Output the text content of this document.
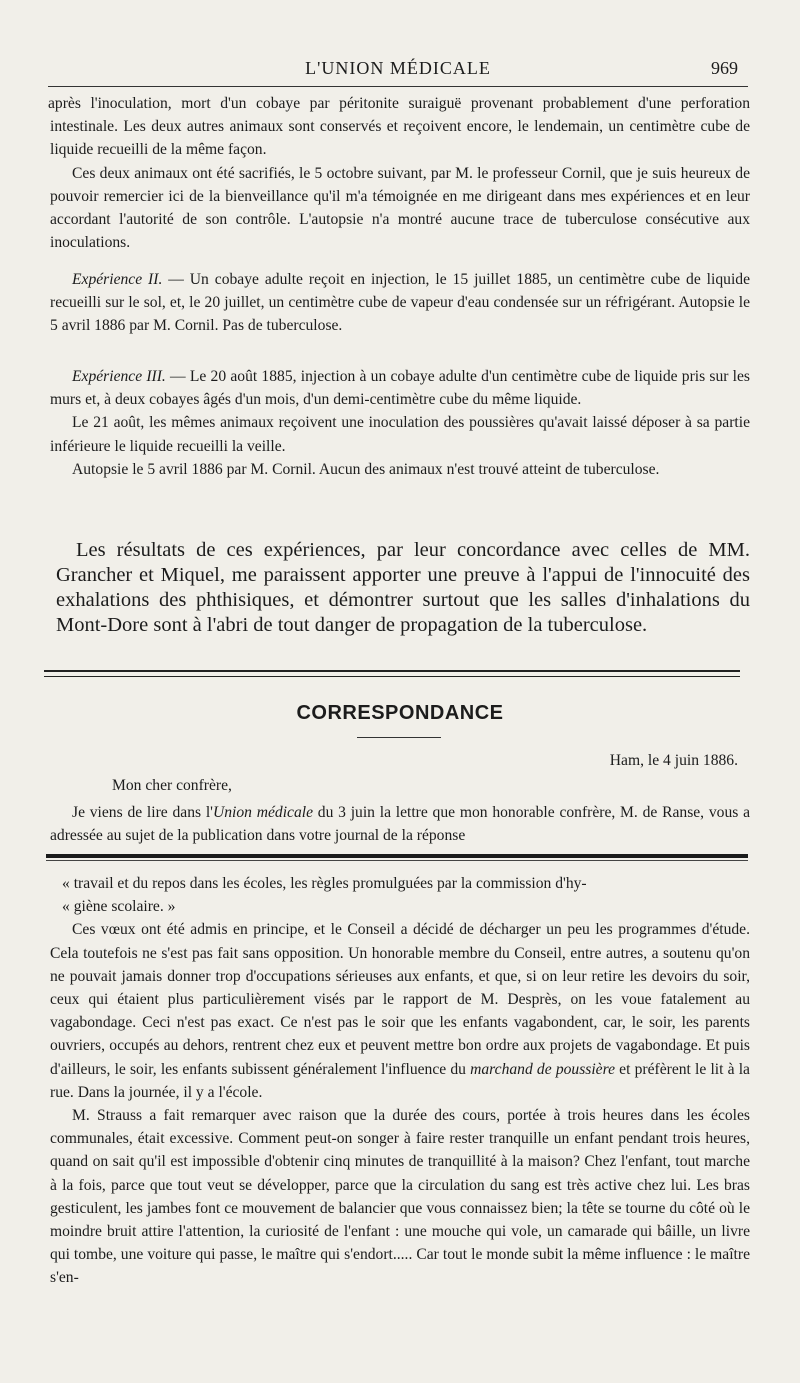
L'UNION MÉDICALE	969

après l'inoculation, mort d'un cobaye par péritonite suraiguë provenant probablement d'une perforation intestinale. Les deux autres animaux sont conservés et reçoivent encore, le lendemain, un centimètre cube de liquide recueilli de la même façon.

Ces deux animaux ont été sacrifiés, le 5 octobre suivant, par M. le professeur Cornil, que je suis heureux de pouvoir remercier ici de la bienveillance qu'il m'a témoignée en me dirigeant dans mes expériences et en leur accordant l'autorité de son contrôle. L'autopsie n'a montré aucune trace de tuberculose consécutive aux inoculations.

Expérience II. — Un cobaye adulte reçoit en injection, le 15 juillet 1885, un centimètre cube de liquide recueilli sur le sol, et, le 20 juillet, un centimètre cube de vapeur d'eau condensée sur un réfrigérant. Autopsie le 5 avril 1886 par M. Cornil. Pas de tuberculose.

Expérience III. — Le 20 août 1885, injection à un cobaye adulte d'un centimètre cube de liquide pris sur les murs et, à deux cobayes âgés d'un mois, d'un demi-centimètre cube du même liquide.

Le 21 août, les mêmes animaux reçoivent une inoculation des poussières qu'avait laissé déposer à sa partie inférieure le liquide recueilli la veille.

Autopsie le 5 avril 1886 par M. Cornil. Aucun des animaux n'est trouvé atteint de tuberculose.

Les résultats de ces expériences, par leur concordance avec celles de MM. Grancher et Miquel, me paraissent apporter une preuve à l'appui de l'innocuité des exhalations des phthisiques, et démontrer surtout que les salles d'inhalations du Mont-Dore sont à l'abri de tout danger de propagation de la tuberculose.

CORRESPONDANCE
Ham, le 4 juin 1886.
Mon cher confrère,

Je viens de lire dans l'Union médicale du 3 juin la lettre que mon honorable confrère, M. de Ranse, vous a adressée au sujet de la publication dans votre journal de la réponse

« travail et du repos dans les écoles, les règles promulguées par la commission d'hy-

« giène scolaire. »

Ces vœux ont été admis en principe, et le Conseil a décidé de décharger un peu les programmes d'étude. Cela toutefois ne s'est pas fait sans opposition. Un honorable membre du Conseil, entre autres, a soutenu qu'on ne pouvait jamais donner trop d'occupations sérieuses aux enfants, et que, si on leur retire les devoirs du soir, ceux qui étaient plus particulièrement visés par le rapport de M. Desprès, on les voue fatalement au vagabondage. Ceci n'est pas exact. Ce n'est pas le soir que les enfants vagabondent, car, le soir, les parents ouvriers, occupés au dehors, rentrent chez eux et peuvent mettre bon ordre aux projets de vagabondage. Et puis d'ailleurs, le soir, les enfants subissent généralement l'influence du marchand de poussière et préfèrent le lit à la rue. Dans la journée, il y a l'école.

M. Strauss a fait remarquer avec raison que la durée des cours, portée à trois heures dans les écoles communales, était excessive. Comment peut-on songer à faire rester tranquille un enfant pendant trois heures, quand on sait qu'il est impossible d'obtenir cinq minutes de tranquillité à la maison? Chez l'enfant, tout marche à la fois, parce que tout veut se développer, parce que la circulation du sang est très active chez lui. Les bras gesticulent, les jambes font ce mouvement de balancier que vous connaissez bien; la tête se tourne du côté où le moindre bruit attire l'attention, la curiosité de l'enfant : une mouche qui vole, un camarade qui bâille, un livre qui tombe, une voiture qui passe, le maître qui s'endort..... Car tout le monde subit la même influence : le maître s'en-
